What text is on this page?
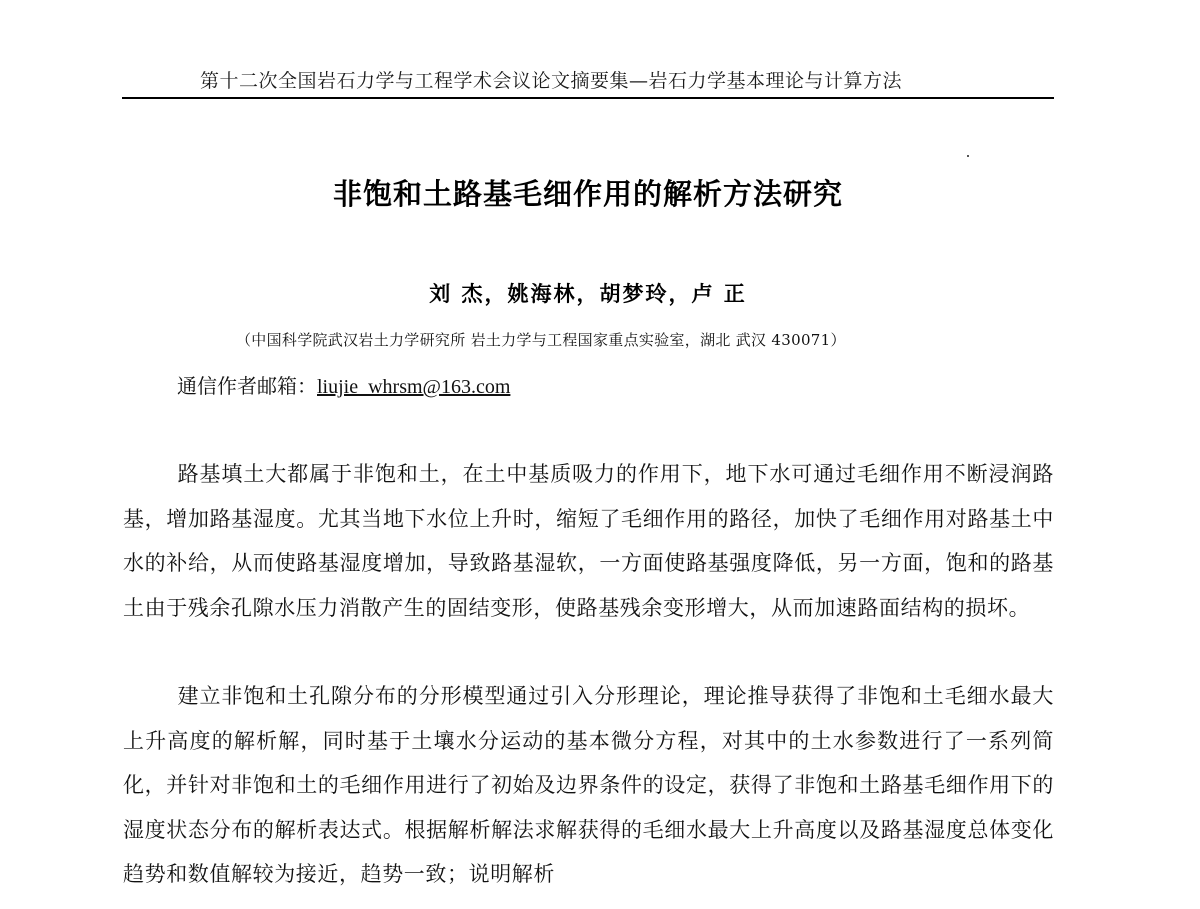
第十二次全国岩石力学与工程学术会议论文摘要集—岩石力学基本理论与计算方法
非饱和土路基毛细作用的解析方法研究
刘 杰，姚海林，胡梦玲，卢 正
（中国科学院武汉岩土力学研究所 岩土力学与工程国家重点实验室，湖北 武汉 430071）
通信作者邮箱：liujie_whrsm@163.com

路基填土大都属于非饱和土，在土中基质吸力的作用下，地下水可通过毛细作用不断浸润路基，增加路基湿度。尤其当地下水位上升时，缩短了毛细作用的路径，加快了毛细作用对路基土中水的补给，从而使路基湿度增加，导致路基湿软，一方面使路基强度降低，另一方面，饱和的路基土由于残余孔隙水压力消散产生的固结变形，使路基残余变形增大，从而加速路面结构的损坏。

建立非饱和土孔隙分布的分形模型通过引入分形理论，理论推导获得了非饱和土毛细水最大上升高度的解析解，同时基于土壤水分运动的基本微分方程，对其中的土水参数进行了一系列简化，并针对非饱和土的毛细作用进行了初始及边界条件的设定，获得了非饱和土路基毛细作用下的湿度状态分布的解析表达式。根据解析解法求解获得的毛细水最大上升高度以及路基湿度总体变化趋势和数值解较为接近，趋势一致；说明解析
